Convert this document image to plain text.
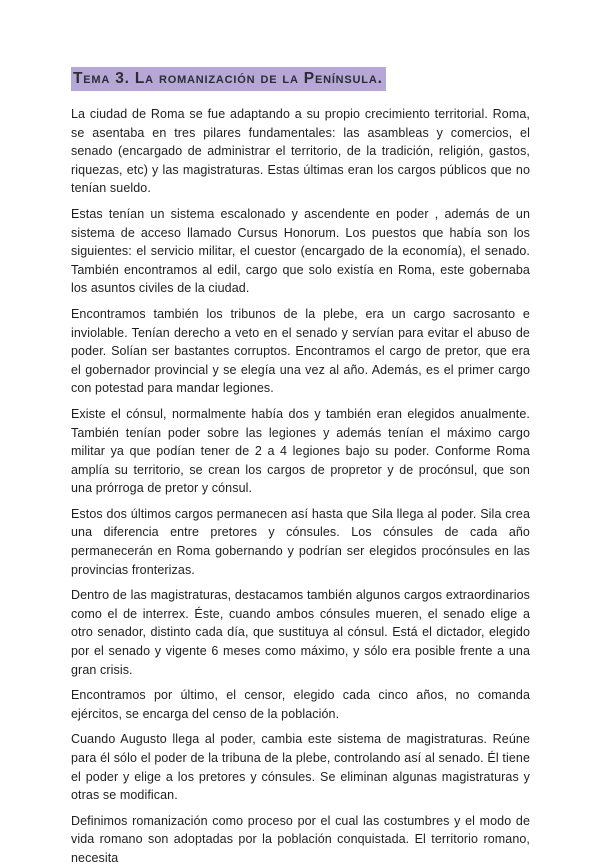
Tema 3. La romanización de la Península.

La ciudad de Roma se fue adaptando a su propio crecimiento territorial. Roma, se asentaba en tres pilares fundamentales: las asambleas y comercios, el senado (encargado de administrar el territorio, de la tradición, religión, gastos, riquezas, etc) y las magistraturas. Estas últimas eran los cargos públicos que no tenían sueldo.

Estas tenían un sistema escalonado y ascendente en poder , además de un sistema de acceso llamado Cursus Honorum. Los puestos que había son los siguientes: el servicio militar, el cuestor (encargado de la economía), el senado. También encontramos al edil, cargo que solo existía en Roma, este gobernaba los asuntos civiles de la ciudad.

Encontramos también los tribunos de la plebe, era un cargo sacrosanto e inviolable. Tenían derecho a veto en el senado y servían para evitar el abuso de poder. Solían ser bastantes corruptos. Encontramos el cargo de pretor, que era el gobernador provincial y se elegía una vez al año. Además, es el primer cargo con potestad para mandar legiones.

Existe el cónsul, normalmente había dos y también eran elegidos anualmente. También tenían poder sobre las legiones y además tenían el máximo cargo militar ya que podían tener de 2 a 4 legiones bajo su poder. Conforme Roma amplía su territorio, se crean los cargos de propretor y de procónsul, que son una prórroga de pretor y cónsul.

Estos dos últimos cargos permanecen así hasta que Sila llega al poder. Sila crea una diferencia entre pretores y cónsules. Los cónsules de cada año permanecerán en Roma gobernando y podrían ser elegidos procónsules en las provincias fronterizas.

Dentro de las magistraturas, destacamos también algunos cargos extraordinarios como el de interrex. Éste, cuando ambos cónsules mueren, el senado elige a otro senador, distinto cada día, que sustituya al cónsul. Está el dictador, elegido por el senado y vigente 6 meses como máximo, y sólo era posible frente a una gran crisis.

Encontramos por último, el censor, elegido cada cinco años, no comanda ejércitos, se encarga del censo de la población.

Cuando Augusto llega al poder, cambia este sistema de magistraturas. Reúne para él sólo el poder de la tribuna de la plebe, controlando así al senado. Él tiene el poder y elige a los pretores y cónsules. Se eliminan algunas magistraturas y otras se modifican.

Definimos romanización como proceso por el cual las costumbres y el modo de vida romano son adoptadas por la población conquistada. El territorio romano, necesita
